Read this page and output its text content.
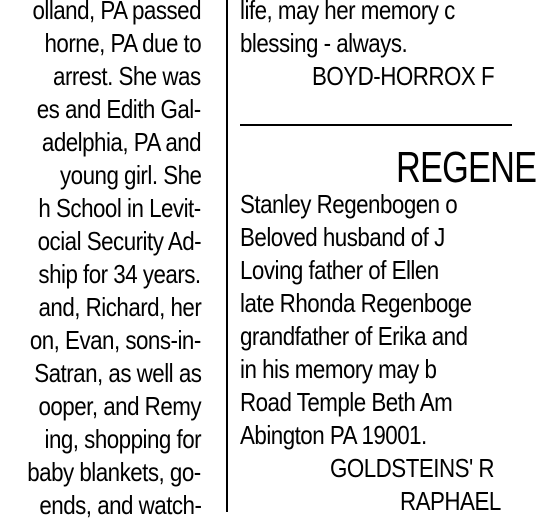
olland, PA passed
horne, PA due to
arrest. She was
es and Edith Gal-
adelphia, PA and
young girl. She
h School in Levit-
ocial Security Ad-
ship for 34 years.
and, Richard, her
on, Evan, sons-in-
Satran, as well as
ooper, and Remy
ing, shopping for
baby blankets, go-
ends, and watch-
life, may her memory c
blessing - always.
BOYD-HORROX F
Stanley Regenbogen o
Beloved husband of J
Loving father of Ellen
late Rhonda Regenboge
grandfather of Erika and
in his memory may b
Road Temple Beth Am
Abington PA 19001.
GOLDSTEINS' R
RAPHAEL
REGENE
